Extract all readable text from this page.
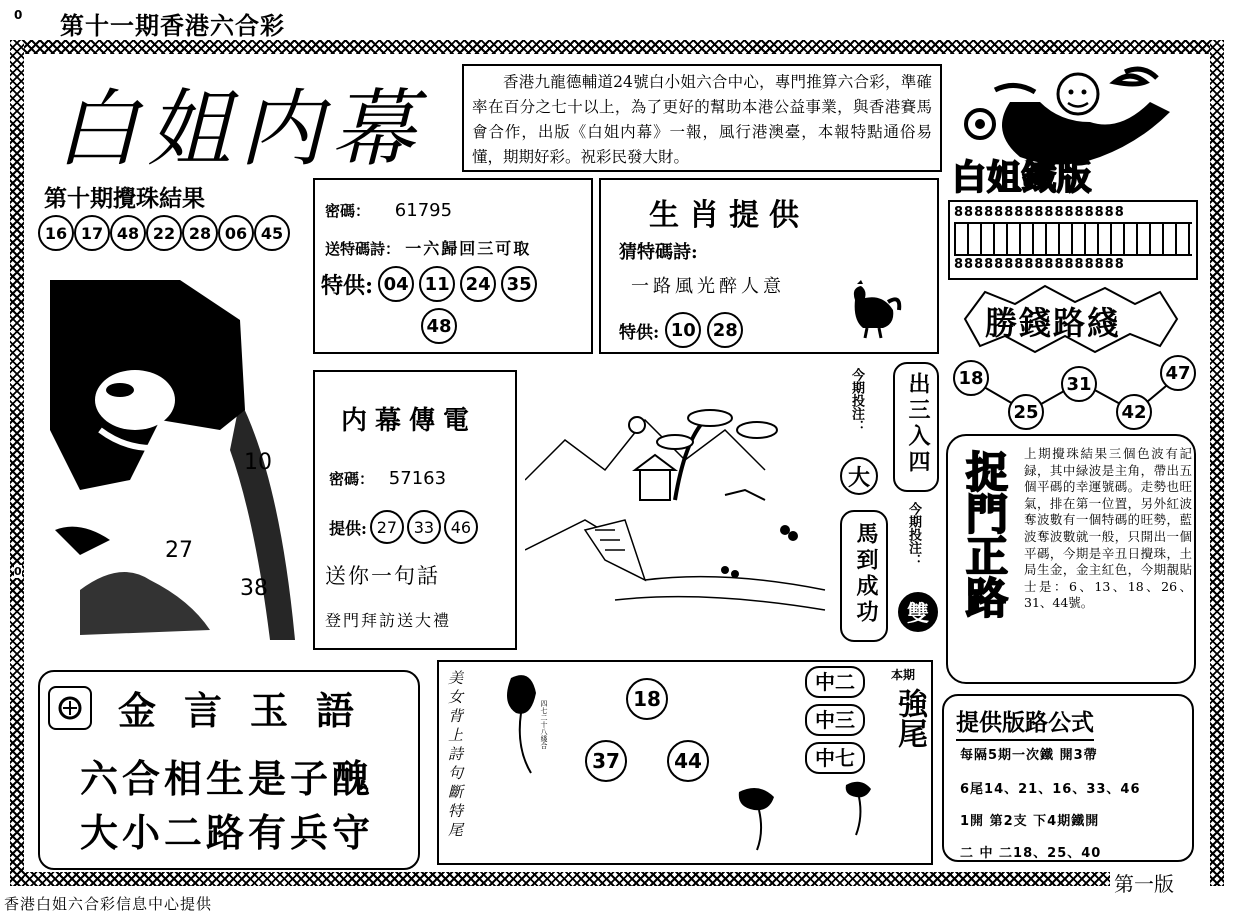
0 第十一期香港六合彩
0
白姐内幕	香港九龍德輔道24號白小姐六合中心，專門推算六合彩，準確率在百分之七十以上，為了更好的幫助本港公益事業，與香港賽馬會合作，出版《白姐内幕》一報，風行港澳臺，本報特點通俗易懂，期期好彩。祝彩民發大財。
白姐鐵版
88888888888888888
88888888888888888
第十期攪珠結果
16 17 48 22 28 06 45
10
27
38
密碼： 61795
送特碼詩： 一六歸回三可取
特供: 04 11 24 35
48
生肖提供
猜特碼詩:
一路風光醉人意
特供: 10 28	勝錢路綫
18
25
31
42
47
内幕傳電
密碼： 57163
提供: 27	33	46
送你一句話
登門拜訪送大禮
今期投注：
大
出三入四
馬到成功 今期投注：
雙 捉門正路 上期攪珠結果三個色波有記録，其中緑波是主角，帶出五個平碼的幸運號碼。走勢也旺氣，排在第一位置，另外紅波奪波數有一個特碼的旺勢，藍波奪波數就一般，只開出一個平碼，今期是辛丑日攪珠，土局生金，金主紅色，今期靚貼士是：6、13、18、26、31、44號。
金言玉語
六合相生是子醜
大小二路有兵守	美女背上詩句斷特尾	四七二十八綫合
18
37	44
中二
中三
中七
本期
強尾 提供版路公式
每隔5期一次鐵 開3帶
6尾14、21、16、33、46
1開 第2支 下4期鐵開
二 中 二18、25、40
第一版
香港白姐六合彩信息中心提供
